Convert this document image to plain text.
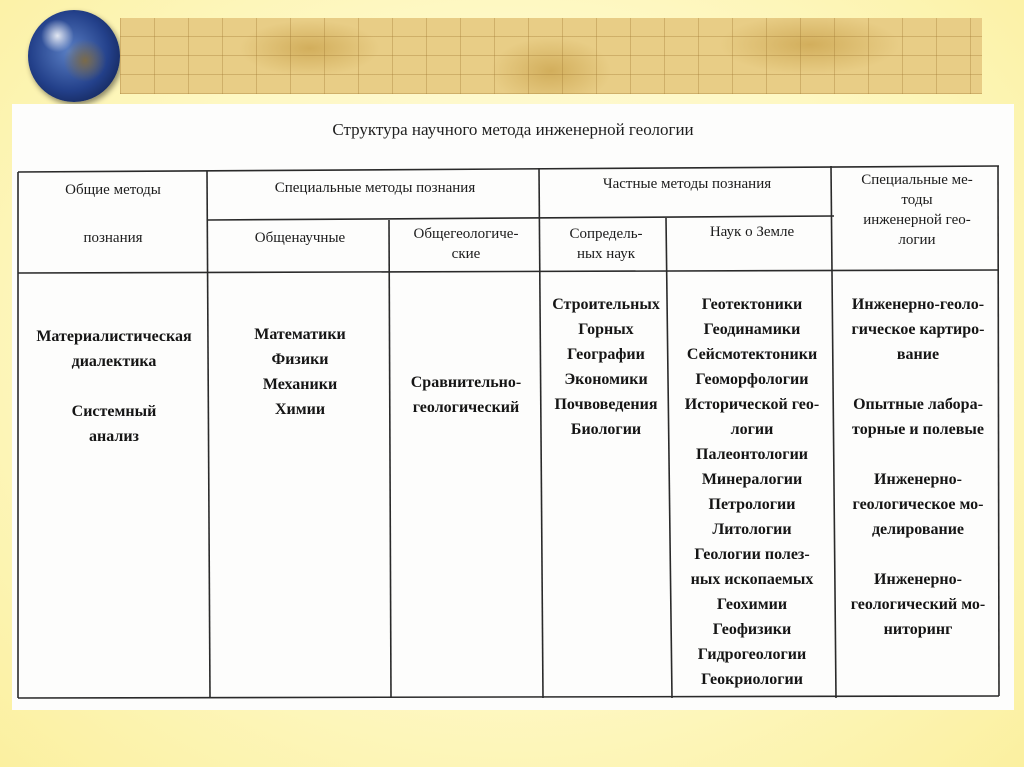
Структура научного метода инженерной геологии
Общие методы
познания
Специальные методы познания
Общенаучные	Общегеологиче-
ские
Частные методы познания
Сопредель-
ных наук
Наук о Земле
Специальные ме-
тоды
инженерной гео-
логии
Материалистическая
диалектика
Системный
анализ
Математики
Физики
Механики
Химии
Сравнительно-
геологический
Строительных
Горных
Географии
Экономики
Почвоведения
Биологии
Геотектоники
Геодинамики
Сейсмотектоники
Геоморфологии
Исторической гео-
логии
Палеонтологии
Минералогии
Петрологии
Литологии
Геологии полез-
ных ископаемых
Геохимии
Геофизики
Гидрогеологии
Геокриологии
Инженерно-геоло-
гическое картиро-
вание
Опытные лабора-
торные и полевые
Инженерно-
геологическое мо-
делирование
Инженерно-
геологический мо-
ниторинг
